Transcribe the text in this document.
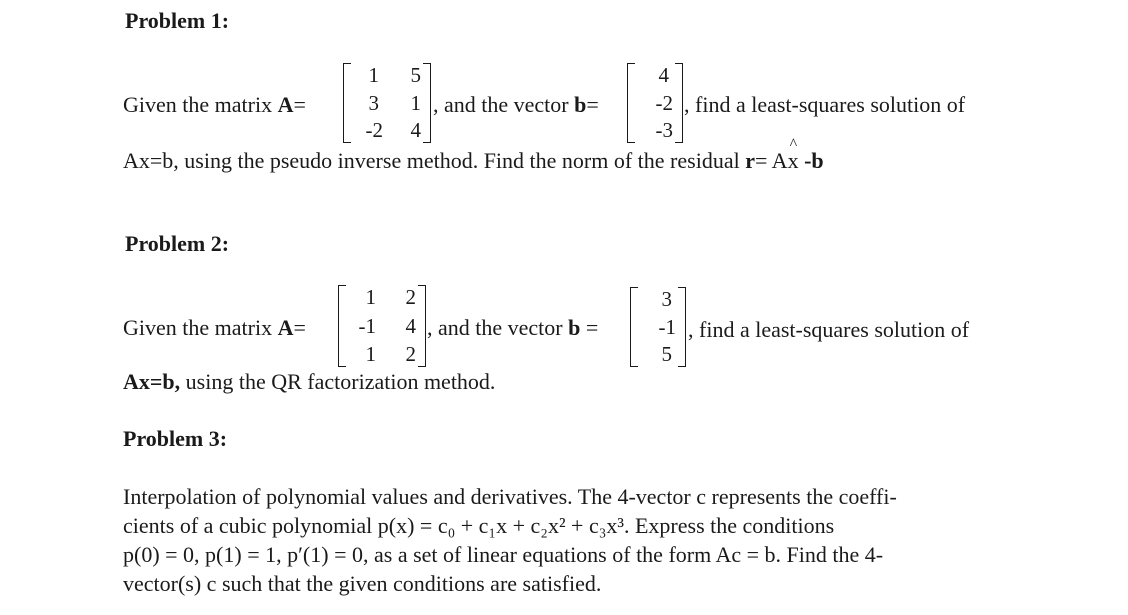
Problem 1:
Given the matrix A=
1	5
3	1
-2	4
, and the vector b=
4
-2
-3
, find a least-squares solution of
Ax=b, using the pseudo inverse method. Find the norm of the residual r= Ax ^ -b
Problem 2:
Given the matrix A=
1	2
-1	4
1	2
, and the vector b =
3
-1
5
, find a least-squares solution of
Ax=b, using the QR factorization method.
Problem 3:
Interpolation of polynomial values and derivatives. The 4-vector c represents the coeffi-
cients of a cubic polynomial p(x) = c₀ + c₁x + c₂x² + c₃x³. Express the conditions
p(0) = 0, p(1) = 1, p′(1) = 0, as a set of linear equations of the form Ac = b. Find the 4-
vector(s) c such that the given conditions are satisfied.
